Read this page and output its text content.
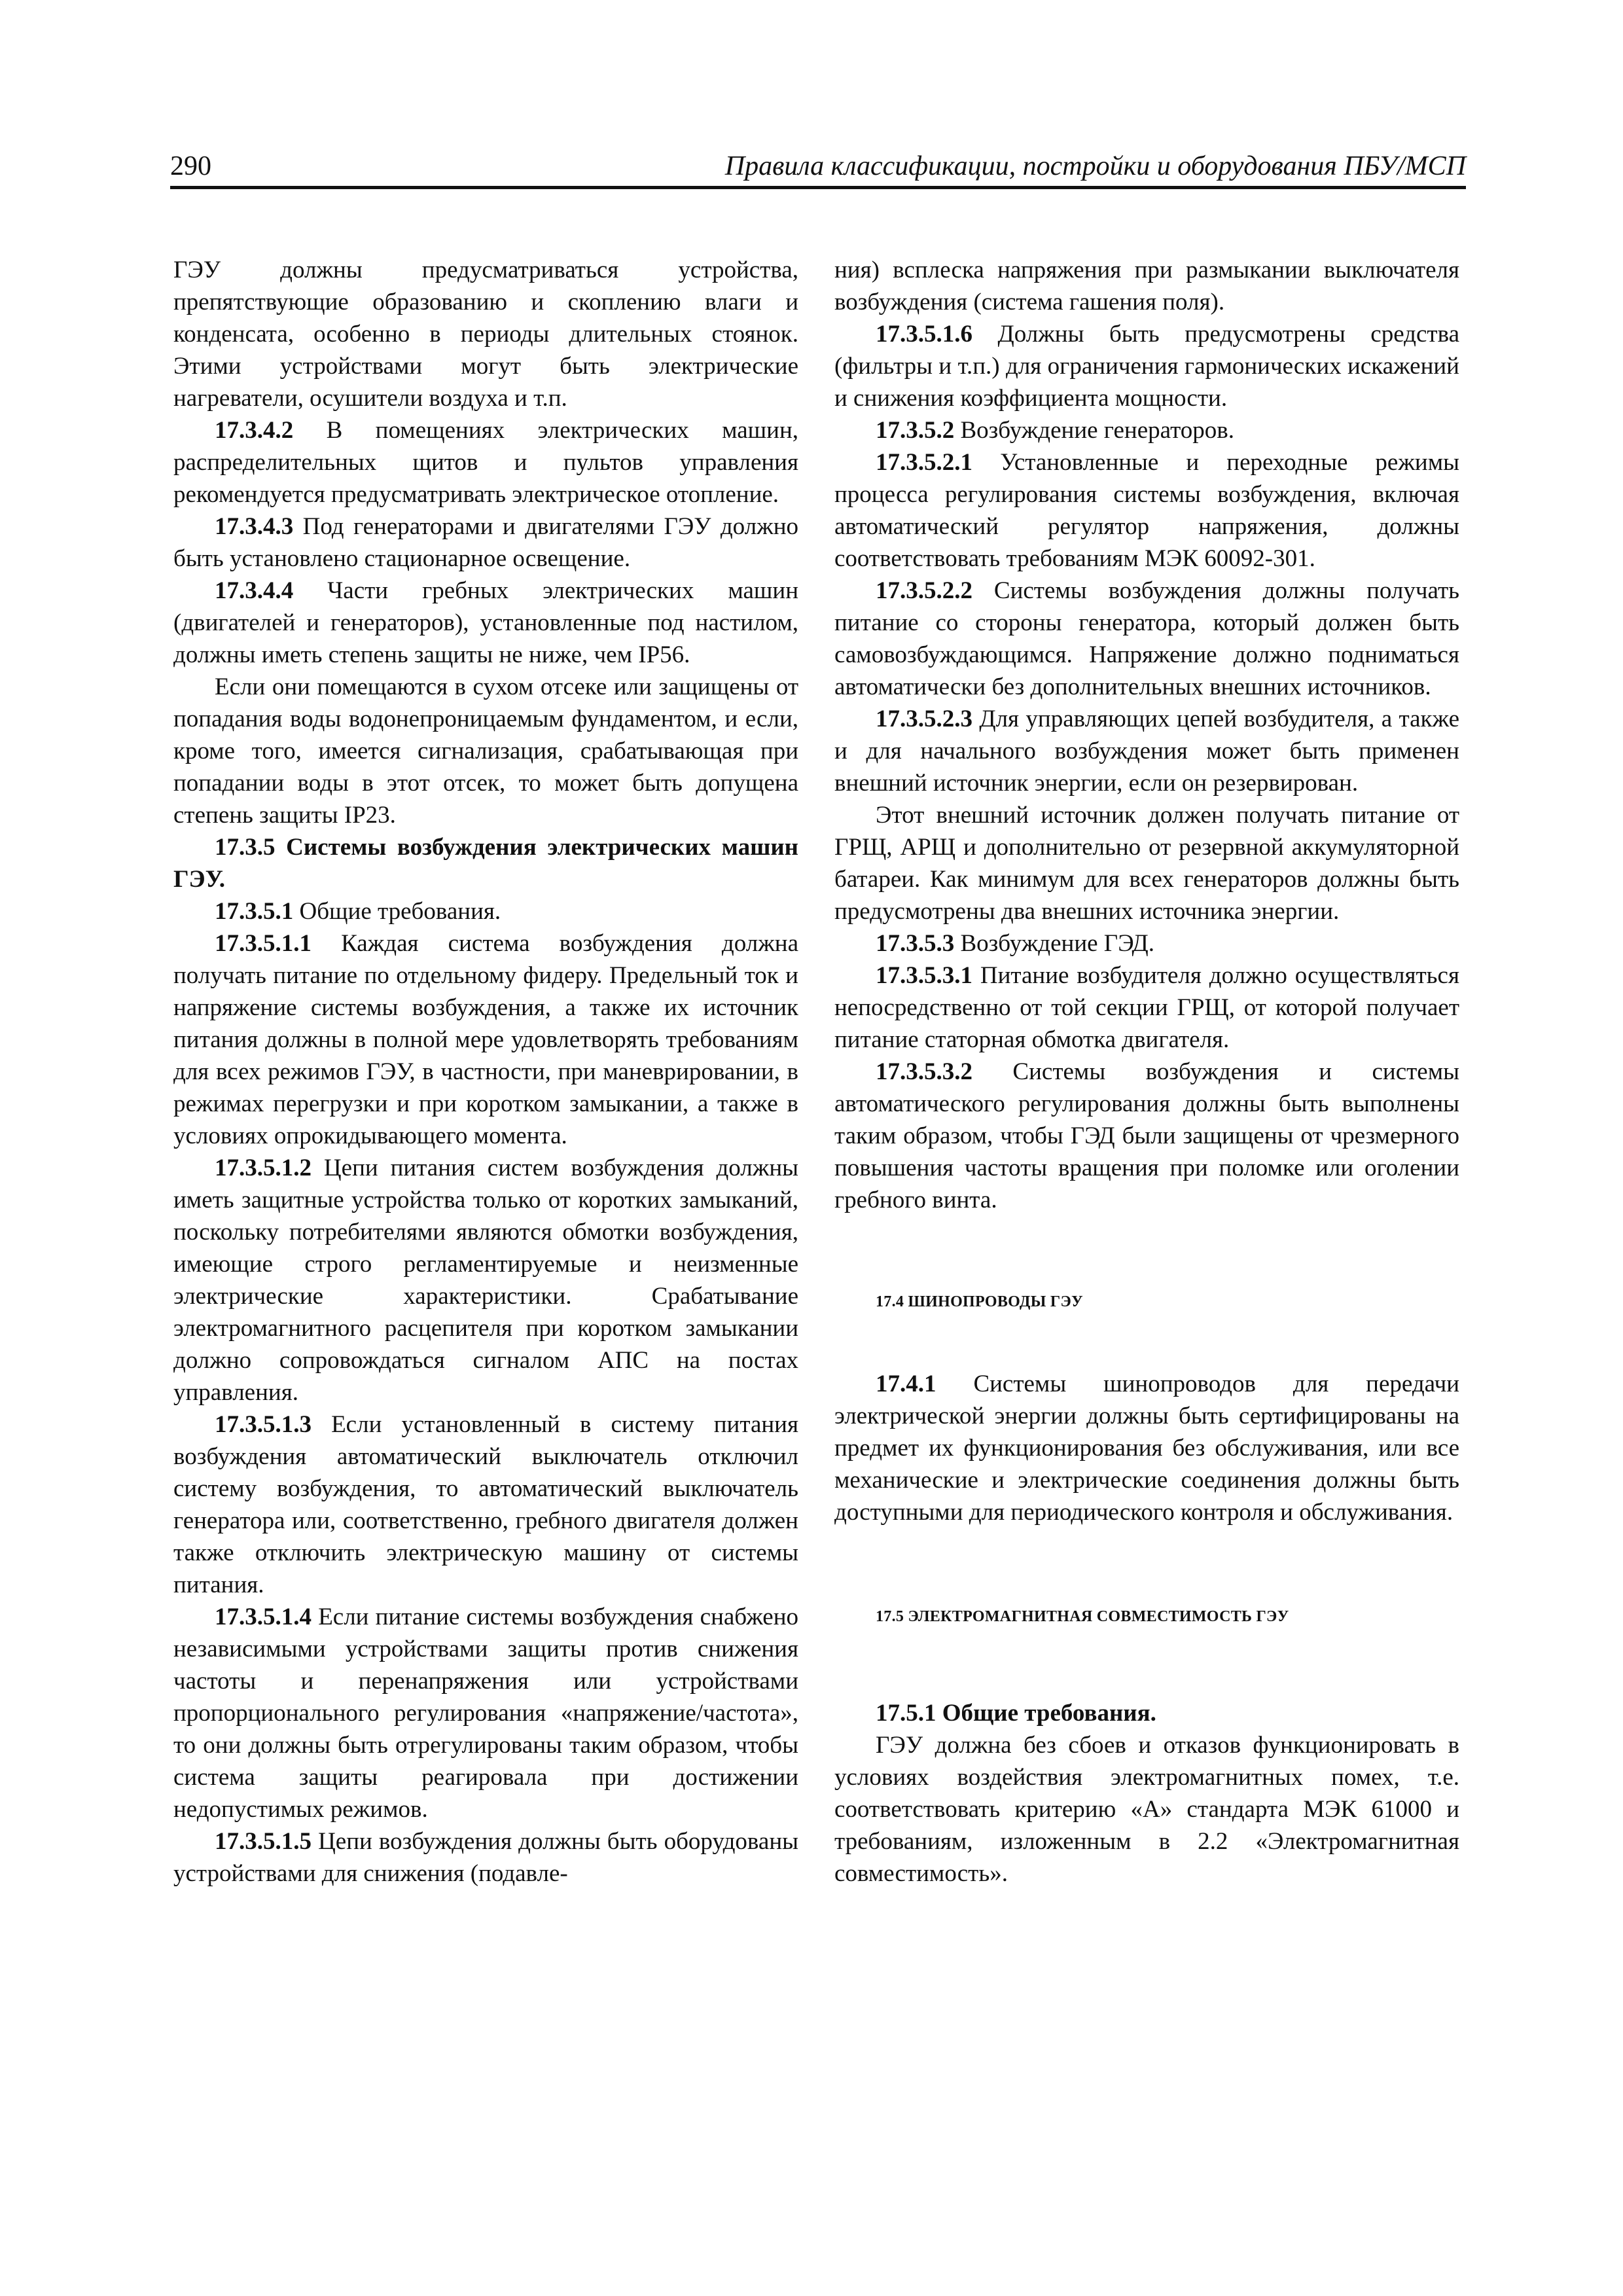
290	Правила классификации, постройки и оборудования ПБУ/МСП

ГЭУ должны предусматриваться устройства, препятствующие образованию и скоплению влаги и конденсата, особенно в периоды длительных стоянок. Этими устройствами могут быть электрические нагреватели, осушители воздуха и т.п.

17.3.4.2 В помещениях электрических машин, распределительных щитов и пультов управления рекомендуется предусматривать электрическое отопление.

17.3.4.3 Под генераторами и двигателями ГЭУ должно быть установлено стационарное освещение.

17.3.4.4 Части гребных электрических машин (двигателей и генераторов), установленные под настилом, должны иметь степень защиты не ниже, чем IP56.

Если они помещаются в сухом отсеке или защищены от попадания воды водонепроницаемым фундаментом, и если, кроме того, имеется сигнализация, срабатывающая при попадании воды в этот отсек, то может быть допущена степень защиты IP23.

17.3.5 Системы возбуждения электрических машин ГЭУ.

17.3.5.1 Общие требования.

17.3.5.1.1 Каждая система возбуждения должна получать питание по отдельному фидеру. Предельный ток и напряжение системы возбуждения, а также их источник питания должны в полной мере удовлетворять требованиям для всех режимов ГЭУ, в частности, при маневрировании, в режимах перегрузки и при коротком замыкании, а также в условиях опрокидывающего момента.

17.3.5.1.2 Цепи питания систем возбуждения должны иметь защитные устройства только от коротких замыканий, поскольку потребителями являются обмотки возбуждения, имеющие строго регламентируемые и неизменные электрические характеристики. Срабатывание электромагнитного расцепителя при коротком замыкании должно сопровождаться сигналом АПС на постах управления.

17.3.5.1.3 Если установленный в систему питания возбуждения автоматический выключатель отключил систему возбуждения, то автоматический выключатель генератора или, соответственно, гребного двигателя должен также отключить электрическую машину от системы питания.

17.3.5.1.4 Если питание системы возбуждения снабжено независимыми устройствами защиты против снижения частоты и перенапряжения или устройствами пропорционального регулирования «напряжение/частота», то они должны быть отрегулированы таким образом, чтобы система защиты реагировала при достижении недопустимых режимов.

17.3.5.1.5 Цепи возбуждения должны быть оборудованы устройствами для снижения (подавле-

ния) всплеска напряжения при размыкании выключателя возбуждения (система гашения поля).

17.3.5.1.6 Должны быть предусмотрены средства (фильтры и т.п.) для ограничения гармонических искажений и снижения коэффициента мощности.

17.3.5.2 Возбуждение генераторов.

17.3.5.2.1 Установленные и переходные режимы процесса регулирования системы возбуждения, включая автоматический регулятор напряжения, должны соответствовать требованиям МЭК 60092-301.

17.3.5.2.2 Системы возбуждения должны получать питание со стороны генератора, который должен быть самовозбуждающимся. Напряжение должно подниматься автоматически без дополнительных внешних источников.

17.3.5.2.3 Для управляющих цепей возбудителя, а также и для начального возбуждения может быть применен внешний источник энергии, если он резервирован.

Этот внешний источник должен получать питание от ГРЩ, АРЩ и дополнительно от резервной аккумуляторной батареи. Как минимум для всех генераторов должны быть предусмотрены два внешних источника энергии.

17.3.5.3 Возбуждение ГЭД.

17.3.5.3.1 Питание возбудителя должно осуществляться непосредственно от той секции ГРЩ, от которой получает питание статорная обмотка двигателя.

17.3.5.3.2 Системы возбуждения и системы автоматического регулирования должны быть выполнены таким образом, чтобы ГЭД были защищены от чрезмерного повышения частоты вращения при поломке или оголении гребного винта.

17.4 ШИНОПРОВОДЫ ГЭУ

17.4.1 Системы шинопроводов для передачи электрической энергии должны быть сертифицированы на предмет их функционирования без обслуживания, или все механические и электрические соединения должны быть доступными для периодического контроля и обслуживания.

17.5 ЭЛЕКТРОМАГНИТНАЯ СОВМЕСТИМОСТЬ ГЭУ

17.5.1 Общие требования.

ГЭУ должна без сбоев и отказов функционировать в условиях воздействия электромагнитных помех, т.е. соответствовать критерию «А» стандарта МЭК 61000 и требованиям, изложенным в 2.2 «Электромагнитная совместимость».
